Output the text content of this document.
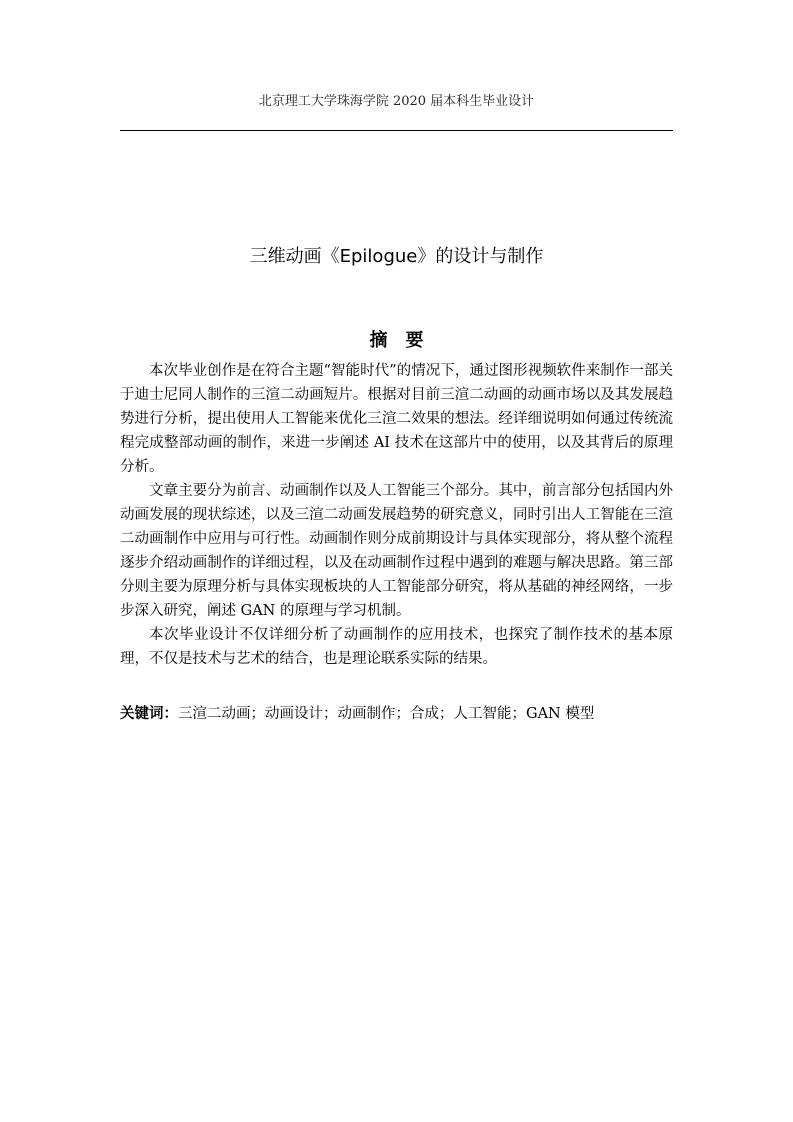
北京理工大学珠海学院 2020 届本科生毕业设计
三维动画《Epilogue》的设计与制作
摘要

本次毕业创作是在符合主题“智能时代”的情况下，通过图形视频软件来制作一部关于迪士尼同人制作的三渲二动画短片。根据对目前三渲二动画的动画市场以及其发展趋势进行分析，提出使用人工智能来优化三渲二效果的想法。经详细说明如何通过传统流程完成整部动画的制作，来进一步阐述 AI 技术在这部片中的使用，以及其背后的原理分析。

文章主要分为前言、动画制作以及人工智能三个部分。其中，前言部分包括国内外动画发展的现状综述，以及三渲二动画发展趋势的研究意义，同时引出人工智能在三渲二动画制作中应用与可行性。动画制作则分成前期设计与具体实现部分，将从整个流程逐步介绍动画制作的详细过程，以及在动画制作过程中遇到的难题与解决思路。第三部分则主要为原理分析与具体实现板块的人工智能部分研究，将从基础的神经网络，一步步深入研究，阐述 GAN 的原理与学习机制。

本次毕业设计不仅详细分析了动画制作的应用技术，也探究了制作技术的基本原理，不仅是技术与艺术的结合，也是理论联系实际的结果。

关键词：三渲二动画；动画设计；动画制作；合成；人工智能；GAN 模型
